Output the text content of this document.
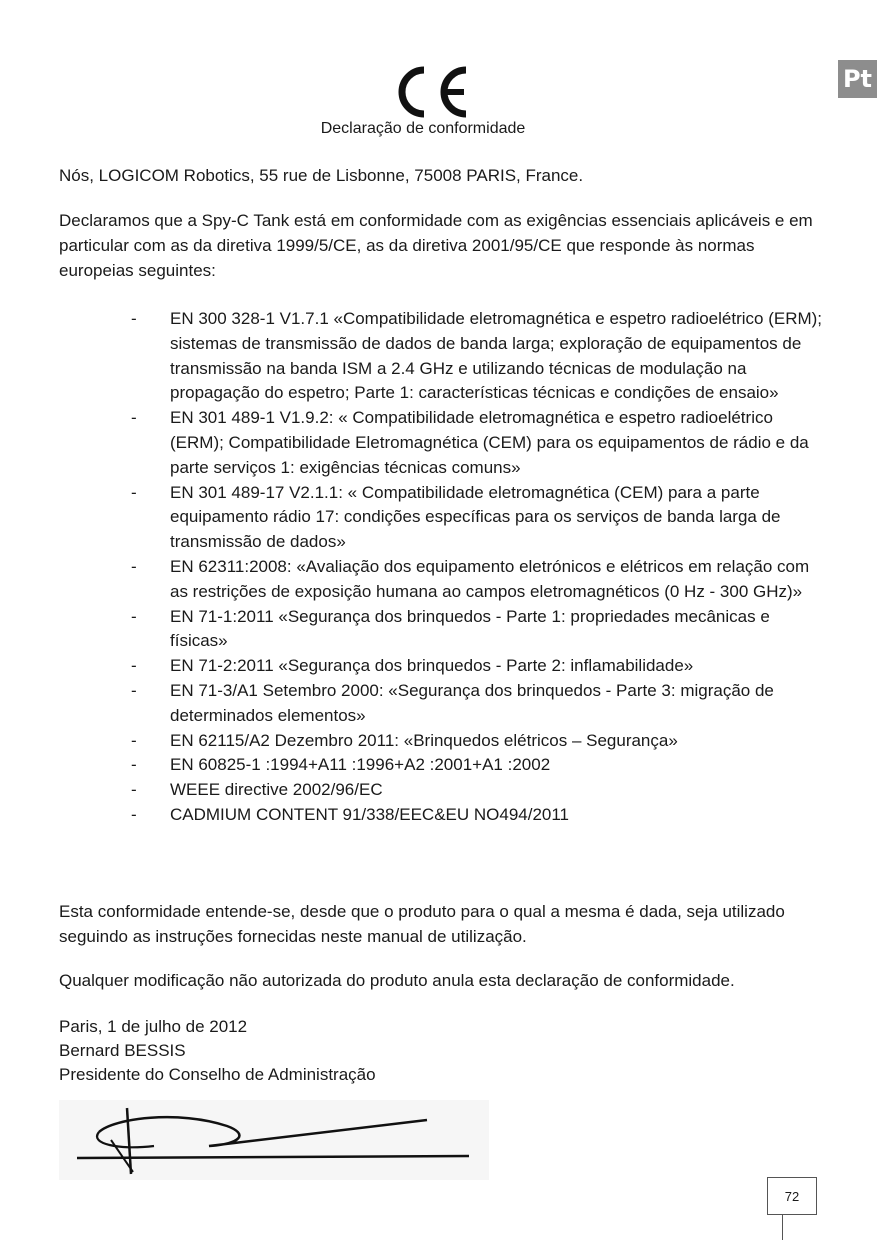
Pt
Declaração de conformidade

Nós, LOGICOM Robotics, 55 rue de Lisbonne, 75008 PARIS, France.

Declaramos que a Spy-C Tank está em conformidade com as exigências essenciais aplicáveis e em particular com as da diretiva 1999/5/CE, as da diretiva 2001/95/CE que responde às normas europeias seguintes:

- EN 300 328-1 V1.7.1 «Compatibilidade eletromagnética e espetro radioelétrico (ERM); sistemas de transmissão de dados de banda larga; exploração de equipamentos de transmissão na banda ISM a 2.4 GHz e utilizando técnicas de modulação na propagação do espetro; Parte 1: características técnicas e condições de ensaio»
- EN 301 489-1 V1.9.2: « Compatibilidade eletromagnética e espetro radioelétrico (ERM); Compatibilidade Eletromagnética (CEM) para os equipamentos de rádio e da parte serviços 1: exigências técnicas comuns»
- EN 301 489-17 V2.1.1: « Compatibilidade eletromagnética (CEM) para a parte equipamento rádio 17: condições específicas para os serviços de banda larga de transmissão de dados»
- EN 62311:2008: «Avaliação dos equipamento eletrónicos e elétricos em relação com as restrições de exposição humana ao campos eletromagnéticos (0 Hz - 300 GHz)»
- EN 71-1:2011 «Segurança dos brinquedos - Parte 1: propriedades mecânicas e físicas»
- EN 71-2:2011 «Segurança dos brinquedos - Parte 2: inflamabilidade»
- EN 71-3/A1 Setembro 2000: «Segurança dos brinquedos - Parte 3: migração de determinados elementos»
- EN 62115/A2 Dezembro 2011: «Brinquedos elétricos – Segurança»
- EN 60825-1 :1994+A11 :1996+A2 :2001+A1 :2002
- WEEE directive 2002/96/EC
- CADMIUM CONTENT 91/338/EEC&EU NO494/2011

Esta conformidade entende-se, desde que o produto para o qual a mesma é dada, seja utilizado seguindo as instruções fornecidas neste manual de utilização.

Qualquer modificação não autorizada do produto anula esta declaração de conformidade.

Paris, 1 de julho de 2012
Bernard BESSIS
Presidente do Conselho de Administração
72
